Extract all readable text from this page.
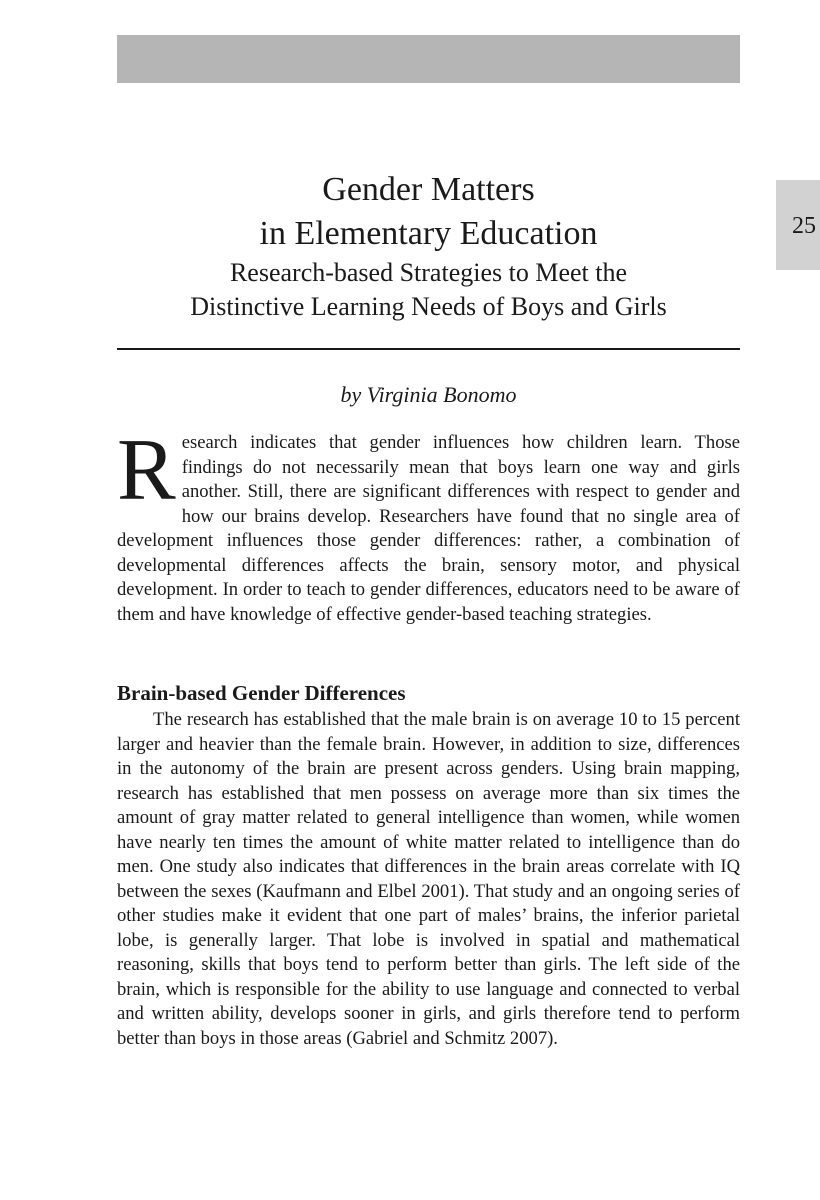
25
Gender Matters
in Elementary Education
Research-based Strategies to Meet the
Distinctive Learning Needs of Boys and Girls
by Virginia Bonomo

Research indicates that gender influences how children learn. Those findings do not necessarily mean that boys learn one way and girls another. Still, there are significant differences with respect to gender and how our brains develop. Researchers have found that no single area of development influences those gender differences: rather, a combination of developmental differences affects the brain, sensory motor, and physical development. In order to teach to gender differences, educators need to be aware of them and have knowledge of effective gender-based teaching strategies.

Brain-based Gender Differences

The research has established that the male brain is on average 10 to 15 percent larger and heavier than the female brain. However, in addition to size, differences in the autonomy of the brain are present across genders. Using brain mapping, research has established that men possess on average more than six times the amount of gray matter related to general intelligence than women, while women have nearly ten times the amount of white matter related to intelligence than do men. One study also indicates that differences in the brain areas correlate with IQ between the sexes (Kaufmann and Elbel 2001). That study and an ongoing series of other studies make it evident that one part of males’ brains, the inferior parietal lobe, is generally larger. That lobe is involved in spatial and mathematical reasoning, skills that boys tend to perform better than girls. The left side of the brain, which is responsible for the ability to use language and connected to verbal and written ability, develops sooner in girls, and girls therefore tend to perform better than boys in those areas (Gabriel and Schmitz 2007).
